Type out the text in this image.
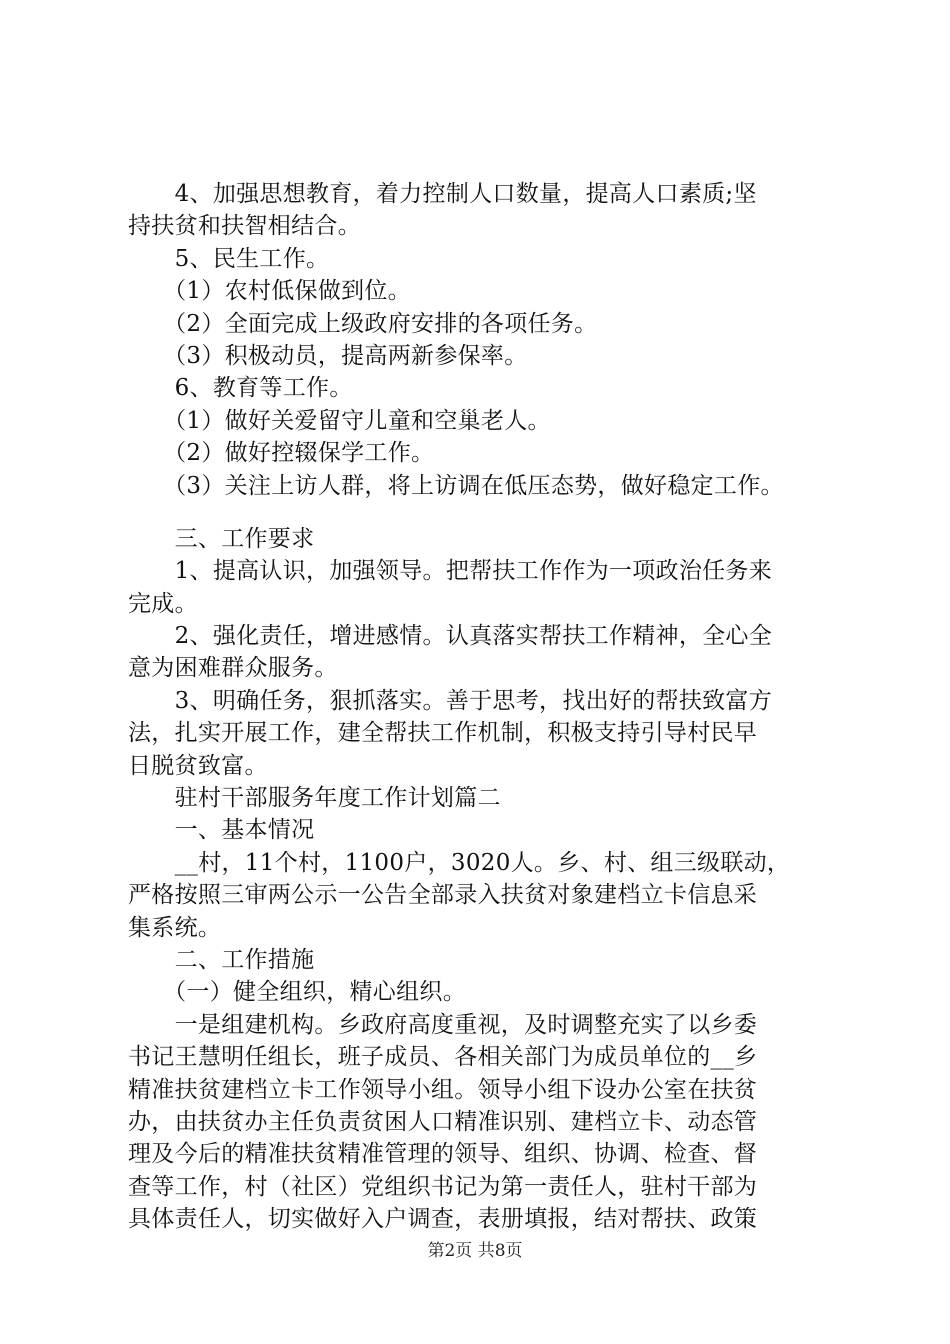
　　4、加强思想教育，着力控制人口数量，提高人口素质;坚
持扶贫和扶智相结合。
　　5、民生工作。
　　（1）农村低保做到位。
　　（2）全面完成上级政府安排的各项任务。
　　（3）积极动员，提高两新参保率。
　　6、教育等工作。
　　（1）做好关爱留守儿童和空巢老人。
　　（2）做好控辍保学工作。
　　（3）关注上访人群，将上访调在低压态势，做好稳定工作。
　　三、工作要求
　　1、提高认识，加强领导。把帮扶工作作为一项政治任务来
完成。
　　2、强化责任，增进感情。认真落实帮扶工作精神，全心全
意为困难群众服务。
　　3、明确任务，狠抓落实。善于思考，找出好的帮扶致富方
法，扎实开展工作，建全帮扶工作机制，积极支持引导村民早
日脱贫致富。
　　驻村干部服务年度工作计划篇二
　　一、基本情况
　　__村，11个村，1100户，3020人。乡、村、组三级联动，
严格按照三审两公示一公告全部录入扶贫对象建档立卡信息采
集系统。
　　二、工作措施
　　（一）健全组织，精心组织。
　　一是组建机构。乡政府高度重视，及时调整充实了以乡委
书记王慧明任组长，班子成员、各相关部门为成员单位的__乡
精准扶贫建档立卡工作领导小组。领导小组下设办公室在扶贫
办，由扶贫办主任负责贫困人口精准识别、建档立卡、动态管
理及今后的精准扶贫精准管理的领导、组织、协调、检查、督
查等工作，村（社区）党组织书记为第一责任人，驻村干部为
具体责任人，切实做好入户调查，表册填报，结对帮扶、政策
第2页 共8页
